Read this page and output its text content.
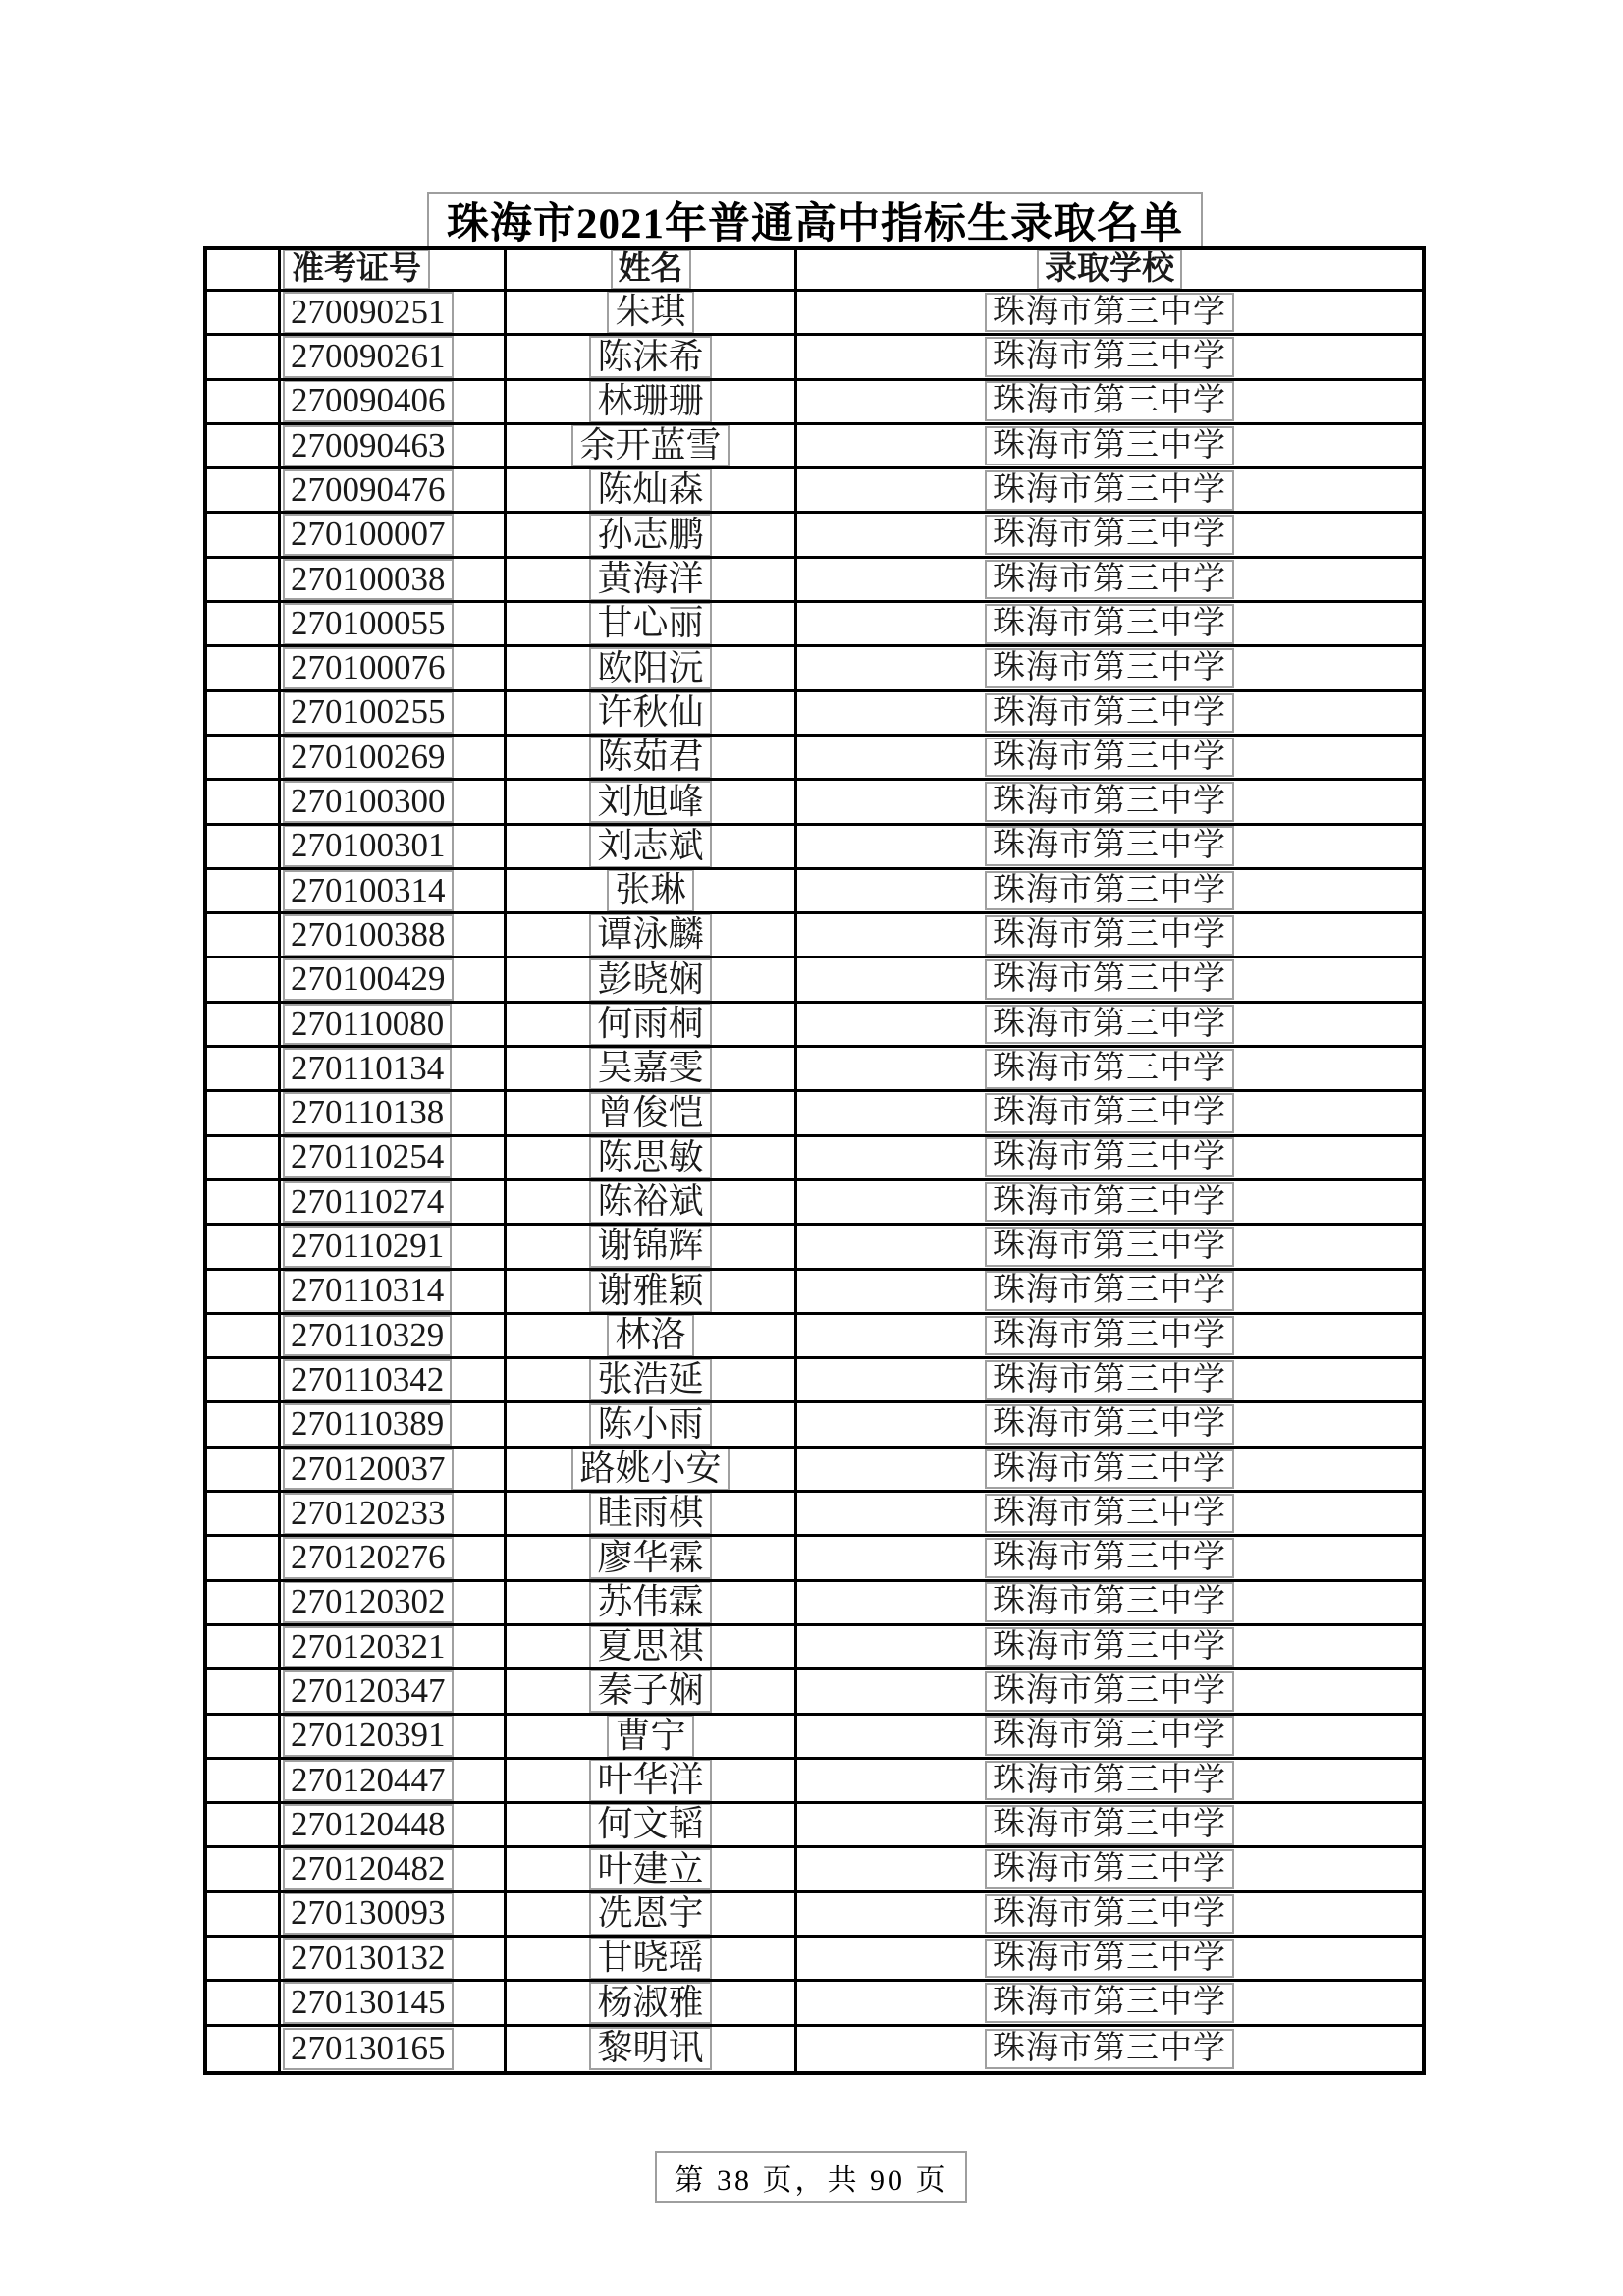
珠海市2021年普通高中指标生录取名单
准考证号	姓名	录取学校
270090251	朱琪	珠海市第三中学
270090261	陈沫希	珠海市第三中学
270090406	林珊珊	珠海市第三中学
270090463	余开蓝雪	珠海市第三中学
270090476	陈灿森	珠海市第三中学
270100007	孙志鹏	珠海市第三中学
270100038	黄海洋	珠海市第三中学
270100055	甘心丽	珠海市第三中学
270100076	欧阳沅	珠海市第三中学
270100255	许秋仙	珠海市第三中学
270100269	陈茹君	珠海市第三中学
270100300	刘旭峰	珠海市第三中学
270100301	刘志斌	珠海市第三中学
270100314	张琳	珠海市第三中学
270100388	谭泳麟	珠海市第三中学
270100429	彭晓娴	珠海市第三中学
270110080	何雨桐	珠海市第三中学
270110134	吴嘉雯	珠海市第三中学
270110138	曾俊恺	珠海市第三中学
270110254	陈思敏	珠海市第三中学
270110274	陈裕斌	珠海市第三中学
270110291	谢锦辉	珠海市第三中学
270110314	谢雅颖	珠海市第三中学
270110329	林洛	珠海市第三中学
270110342	张浩延	珠海市第三中学
270110389	陈小雨	珠海市第三中学
270120037	路姚小安	珠海市第三中学
270120233	眭雨棋	珠海市第三中学
270120276	廖华霖	珠海市第三中学
270120302	苏伟霖	珠海市第三中学
270120321	夏思祺	珠海市第三中学
270120347	秦子娴	珠海市第三中学
270120391	曹宁	珠海市第三中学
270120447	叶华洋	珠海市第三中学
270120448	何文韬	珠海市第三中学
270120482	叶建立	珠海市第三中学
270130093	冼恩宇	珠海市第三中学
270130132	甘晓瑶	珠海市第三中学
270130145	杨淑雅	珠海市第三中学
270130165	黎明讯	珠海市第三中学
第 38 页，共 90 页
